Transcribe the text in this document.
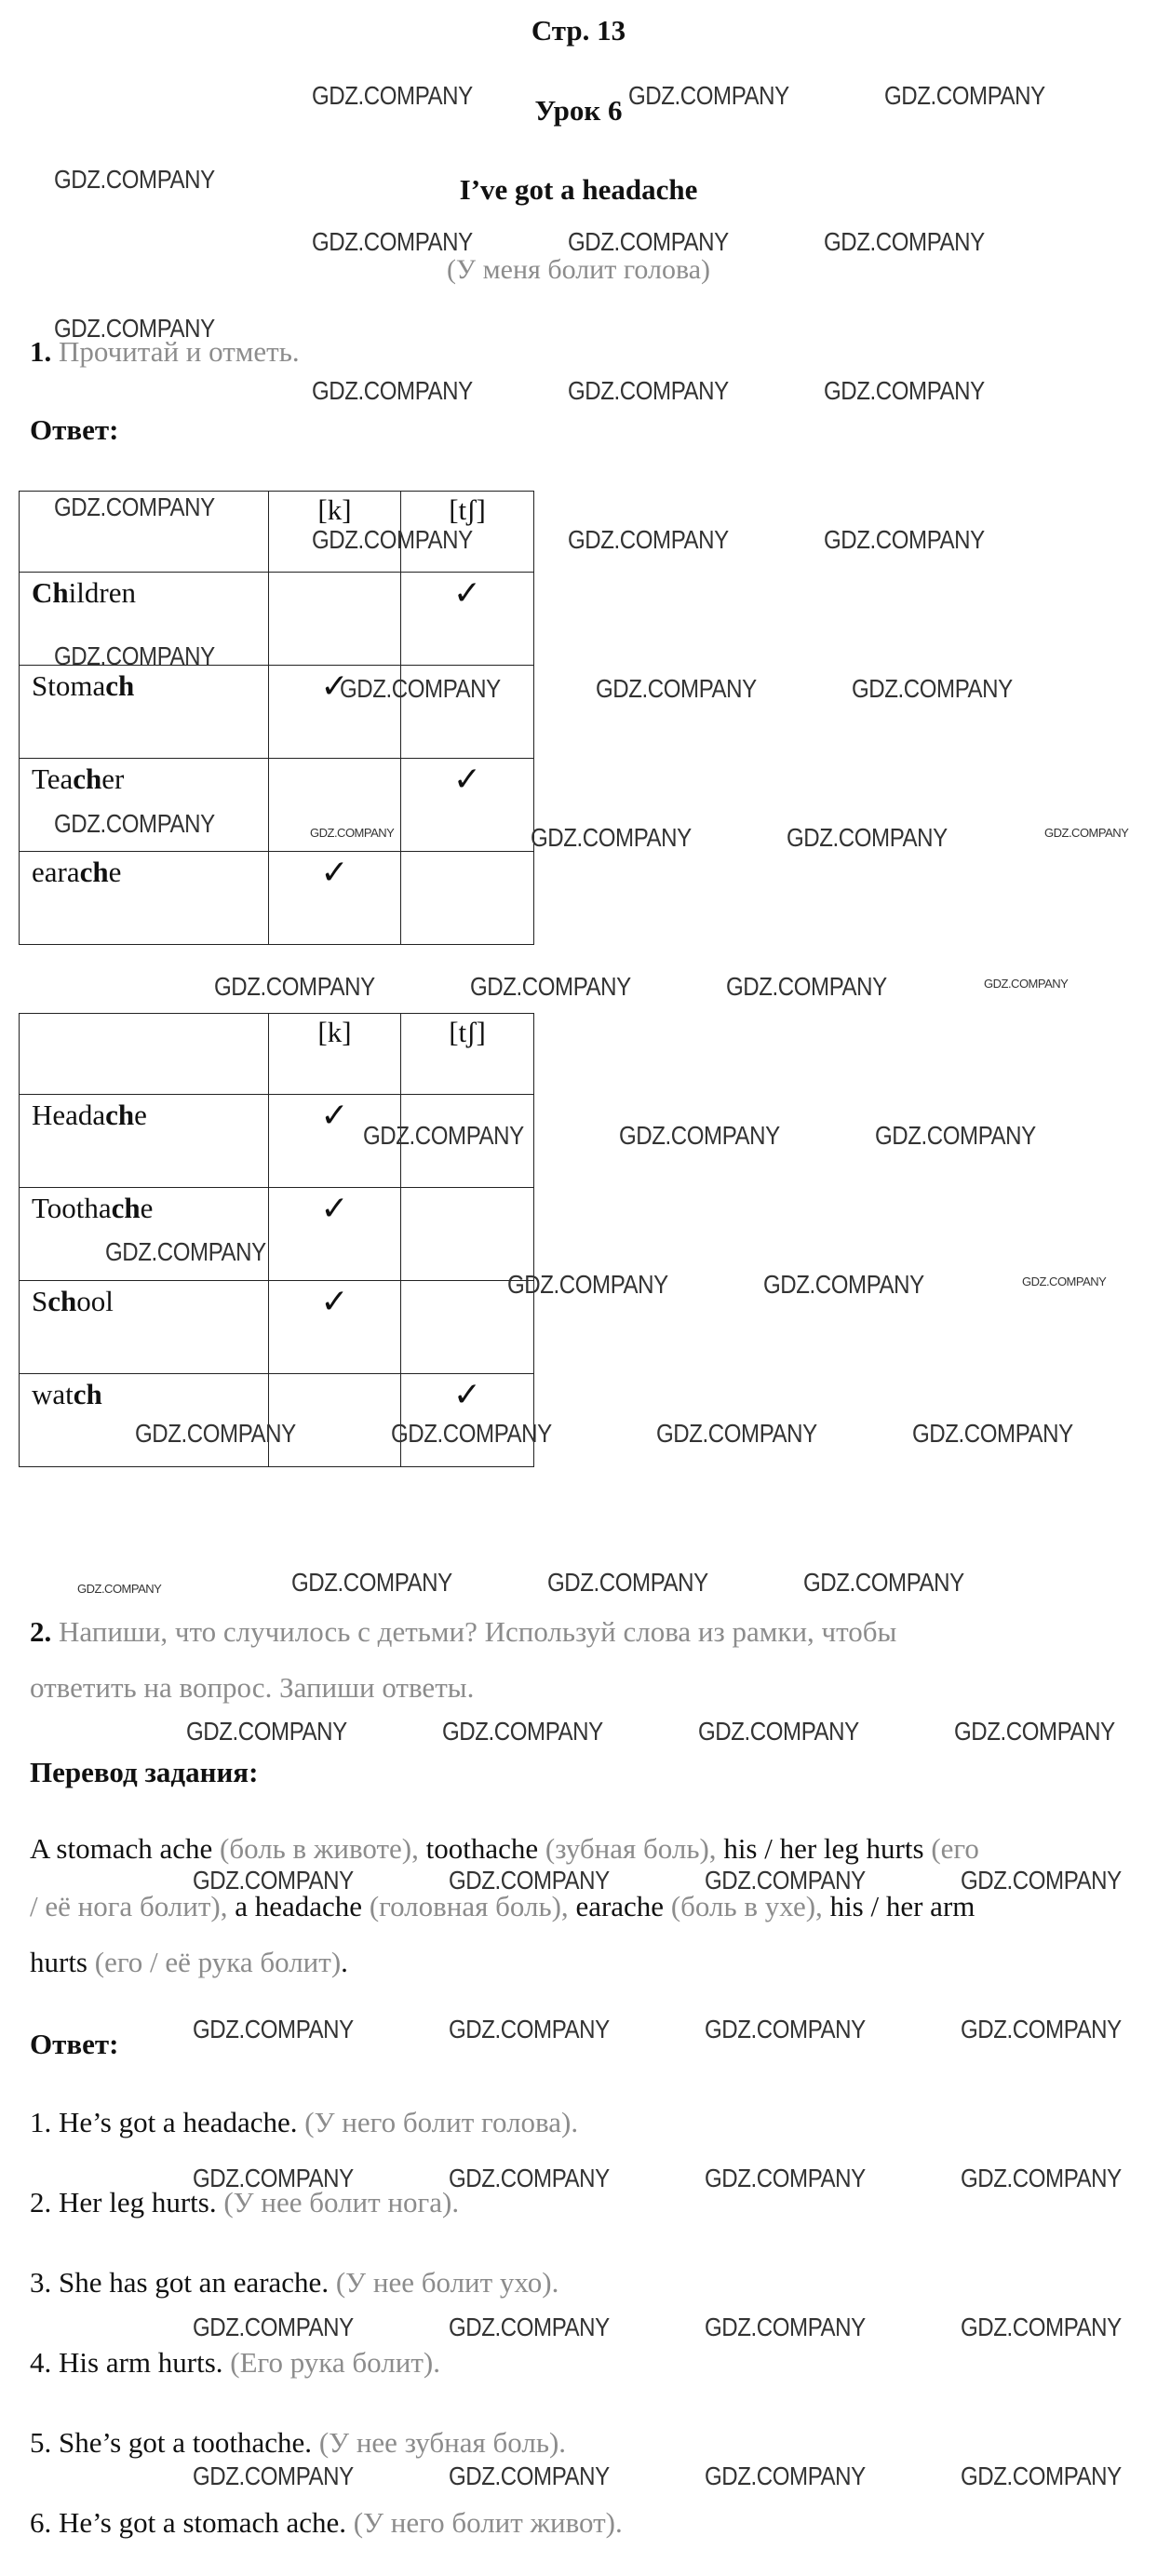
Стр. 13
Урок 6
I’ve got a headache
(У меня болит голова)
1. Прочитай и отметь.
Ответ:
	[k]	[tʃ]
Children		✓
Stomach	✓	
Teacher		✓
earache	✓	
	[k]	[tʃ]
Headache	✓	
Toothache	✓	
School	✓	
watch		✓
2. Напиши, что случилось с детьми? Используй слова из рамки, чтобы
ответить на вопрос. Запиши ответы.
Перевод задания:
A stomach ache (боль в животе), toothache (зубная боль), his / her leg hurts (его
/ её нога болит), a headache (головная боль), earache (боль в ухе), his / her arm
hurts (его / её рука болит).
Ответ:
1. He’s got a headache. (У него болит голова).
2. Her leg hurts. (У нее болит нога).
3. She has got an earache. (У нее болит ухо).
4. His arm hurts. (Его рука болит).
5. She’s got a toothache. (У нее зубная боль).
6. He’s got a stomach ache. (У него болит живот).
GDZ.COMPANY	GDZ.COMPANY	GDZ.COMPANY
GDZ.COMPANY
GDZ.COMPANY	GDZ.COMPANY	GDZ.COMPANY
GDZ.COMPANY
GDZ.COMPANY	GDZ.COMPANY	GDZ.COMPANY
GDZ.COMPANY
GDZ.COMPANY	GDZ.COMPANY	GDZ.COMPANY
GDZ.COMPANY
GDZ.COMPANY	GDZ.COMPANY	GDZ.COMPANY
GDZ.COMPANY	GDZ.COMPANY	GDZ.COMPANY
GDZ.COMPANY	GDZ.COMPANY	GDZ.COMPANY
GDZ.COMPANY	GDZ.COMPANY	GDZ.COMPANY
GDZ.COMPANY
GDZ.COMPANY	GDZ.COMPANY
GDZ.COMPANY	GDZ.COMPANY	GDZ.COMPANY	GDZ.COMPANY
GDZ.COMPANY	GDZ.COMPANY	GDZ.COMPANY
GDZ.COMPANY	GDZ.COMPANY	GDZ.COMPANY	GDZ.COMPANY
GDZ.COMPANY	GDZ.COMPANY	GDZ.COMPANY	GDZ.COMPANY
GDZ.COMPANY	GDZ.COMPANY	GDZ.COMPANY	GDZ.COMPANY
GDZ.COMPANY	GDZ.COMPANY	GDZ.COMPANY	GDZ.COMPANY
GDZ.COMPANY	GDZ.COMPANY	GDZ.COMPANY	GDZ.COMPANY
GDZ.COMPANY	GDZ.COMPANY	GDZ.COMPANY	GDZ.COMPANY
GDZ.COMPANY	GDZ.COMPANY
GDZ.COMPANY
GDZ.COMPANY
GDZ.COMPANY
